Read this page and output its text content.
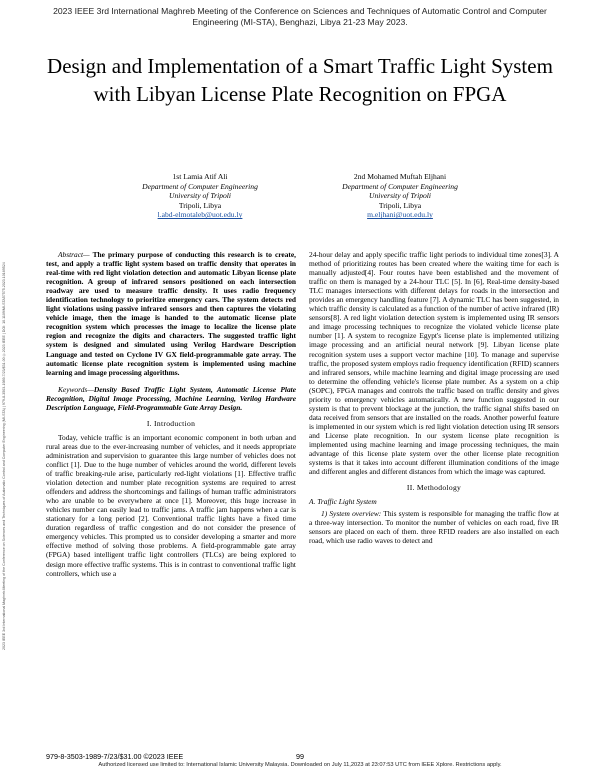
2023 IEEE 3rd International Maghreb Meeting of the Conference on Sciences and Techniques of Automatic Control and Computer Engineering (MI-STA), Benghazi, Libya 21-23 May 2023.
Design and Implementation of a Smart Traffic Light System with Libyan License Plate Recognition on FPGA
1st Lamia Atif Ali
Department of Computer Engineering
University of Tripoli
Tripoli, Libya
l.abd-elmotaleb@uot.edu.ly
2nd Mohamed Muftah Eljhani
Department of Computer Engineering
University of Tripoli
Tripoli, Libya
m.eljhani@uot.edu.ly
2023 IEEE 3rd International Maghreb Meeting of the Conference on Sciences and Techniques of Automatic Control and Computer Engineering (MI-STA) | 979-8-3503-1989-7/23/$31.00 ©2023 IEEE | DOI: 10.1109/MI-STA57575.2023.10169524

Abstract— The primary purpose of conducting this research is to create, test, and apply a traffic light system based on traffic density that operates in real-time with red light violation detection and automatic Libyan license plate recognition. A group of infrared sensors positioned on each intersection roadway are used to measure traffic density. It uses radio frequency identification technology to prioritize emergency cars. The system detects red light violations using passive infrared sensors and then captures the violating vehicle image, then the image is handed to the automatic license plate recognition system which processes the image to localize the license plate region and recognize the digits and characters. The suggested traffic light system is designed and simulated using Verilog Hardware Description Language and tested on Cyclone IV GX field-programmable gate array. The automatic license plate recognition system is implemented using machine learning and image processing algorithms.

Keywords—Density Based Traffic Light System, Automatic License Plate Recognition, Digital Image Processing, Machine Learning, Verilog Hardware Description Language, Field-Programmable Gate Array Design.

I. Introduction

Today, vehicle traffic is an important economic component in both urban and rural areas due to the ever-increasing number of vehicles, and it needs appropriate administration and supervision to guarantee this large number of vehicles does not conflict [1]. Due to the huge number of vehicles around the world, different levels of traffic breaking-rule arise, particularly red-light violations [1]. Effective traffic violation detection and number plate recognition systems are required to arrest offenders and address the shortcomings and failings of human traffic administrators who are unable to be everywhere at once [1]. Moreover, this huge increase in vehicles number can easily lead to traffic jams. A traffic jam happens when a car is stationary for a long period [2]. Conventional traffic lights have a fixed time duration regardless of traffic congestion and do not consider the presence of emergency vehicles. This prompted us to consider developing a smarter and more effective method of solving those problems. A field-programmable gate array (FPGA) based intelligent traffic light controllers (TLCs) are being explored to design more effective traffic systems. This is in contrast to conventional traffic light controllers, which use a

24-hour delay and apply specific traffic light periods to individual time zones[3]. A method of prioritizing routes has been created where the waiting time for each is manually adjusted[4]. Four routes have been established and the movement of traffic on them is managed by a 24-hour TLC [5]. In [6], Real-time density-based TLC manages intersections with different delays for roads in the intersection and provides an emergency handling feature [7]. A dynamic TLC has been suggested, in which traffic density is calculated as a function of the number of active infrared (IR) sensors[8]. A red light violation detection system is implemented using IR sensors and image processing techniques to recognize the violated vehicle license plate number [1]. A system to recognize Egypt's license plate is implemented utilizing image processing and an artificial neural network [9]. Libyan license plate recognition system uses a support vector machine [10]. To manage and supervise traffic, the proposed system employs radio frequency identification (RFID) scanners and infrared sensors, while machine learning and digital image processing are used to determine the offending vehicle's license plate number. As a system on a chip (SOPC), FPGA manages and controls the traffic based on traffic density and gives priority to emergency vehicles automatically. A new function suggested in our system is that to prevent blockage at the junction, the traffic signal shifts based on data received from sensors that are installed on the roads. Another powerful feature is implemented in our system which is red light violation detection using IR sensors and License plate recognition. In our system license plate recognition is implemented using machine learning and image processing techniques, the main advantage of this license plate system over the other license plate recognition systems is that it takes into account different illumination conditions of the image and different angles and different distances from which the image was captured.

II. Methodology

A. Traffic Light System

1) System overview: This system is responsible for managing the traffic flow at a three-way intersection. To monitor the number of vehicles on each road, five IR sensors are placed on each of them. three RFID readers are also installed on each road, which use radio waves to detect and

979-8-3503-1989-7/23/$31.00 ©2023 IEEE	99
Authorized licensed use limited to: International Islamic University Malaysia. Downloaded on July 11,2023 at 23:07:53 UTC from IEEE Xplore. Restrictions apply.
